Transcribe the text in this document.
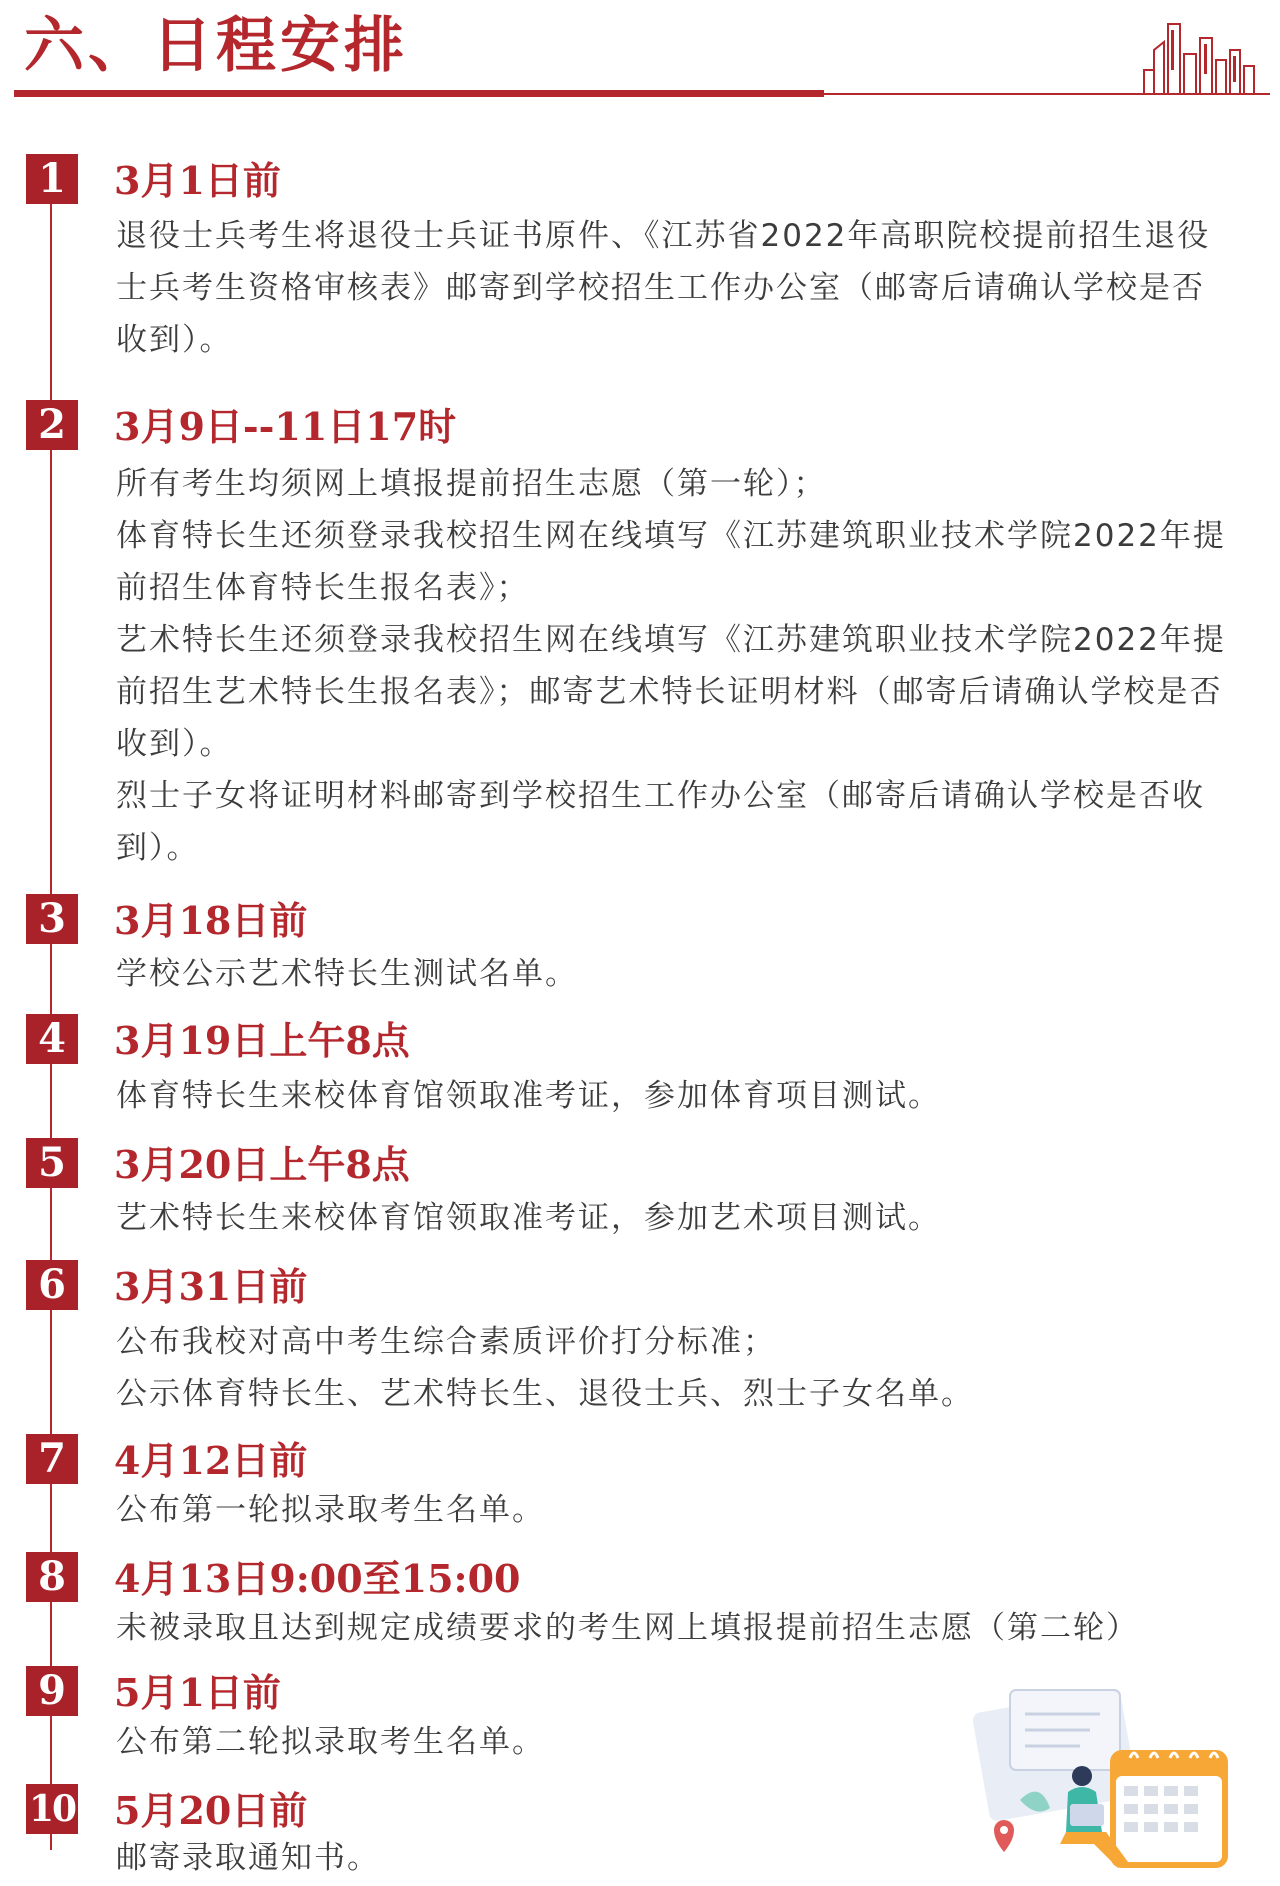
六、日程安排
1	3月1日前

退役士兵考生将退役士兵证书原件、《江苏省2022年高职院校提前招生退役士兵考生资格审核表》邮寄到学校招生工作办公室（邮寄后请确认学校是否收到）。

2	3月9日--11日17时

所有考生均须网上填报提前招生志愿（第一轮）；

体育特长生还须登录我校招生网在线填写《江苏建筑职业技术学院2022年提前招生体育特长生报名表》；

艺术特长生还须登录我校招生网在线填写《江苏建筑职业技术学院2022年提前招生艺术特长生报名表》；邮寄艺术特长证明材料（邮寄后请确认学校是否收到）。

烈士子女将证明材料邮寄到学校招生工作办公室（邮寄后请确认学校是否收到）。

3	3月18日前

学校公示艺术特长生测试名单。

4	3月19日上午8点

体育特长生来校体育馆领取准考证，参加体育项目测试。

5	3月20日上午8点

艺术特长生来校体育馆领取准考证，参加艺术项目测试。

6	3月31日前

公布我校对高中考生综合素质评价打分标准；

公示体育特长生、艺术特长生、退役士兵、烈士子女名单。

7	4月12日前

公布第一轮拟录取考生名单。

8	4月13日9:00至15:00

未被录取且达到规定成绩要求的考生网上填报提前招生志愿（第二轮）

9	5月1日前

公布第二轮拟录取考生名单。

10 5月20日前

邮寄录取通知书。
